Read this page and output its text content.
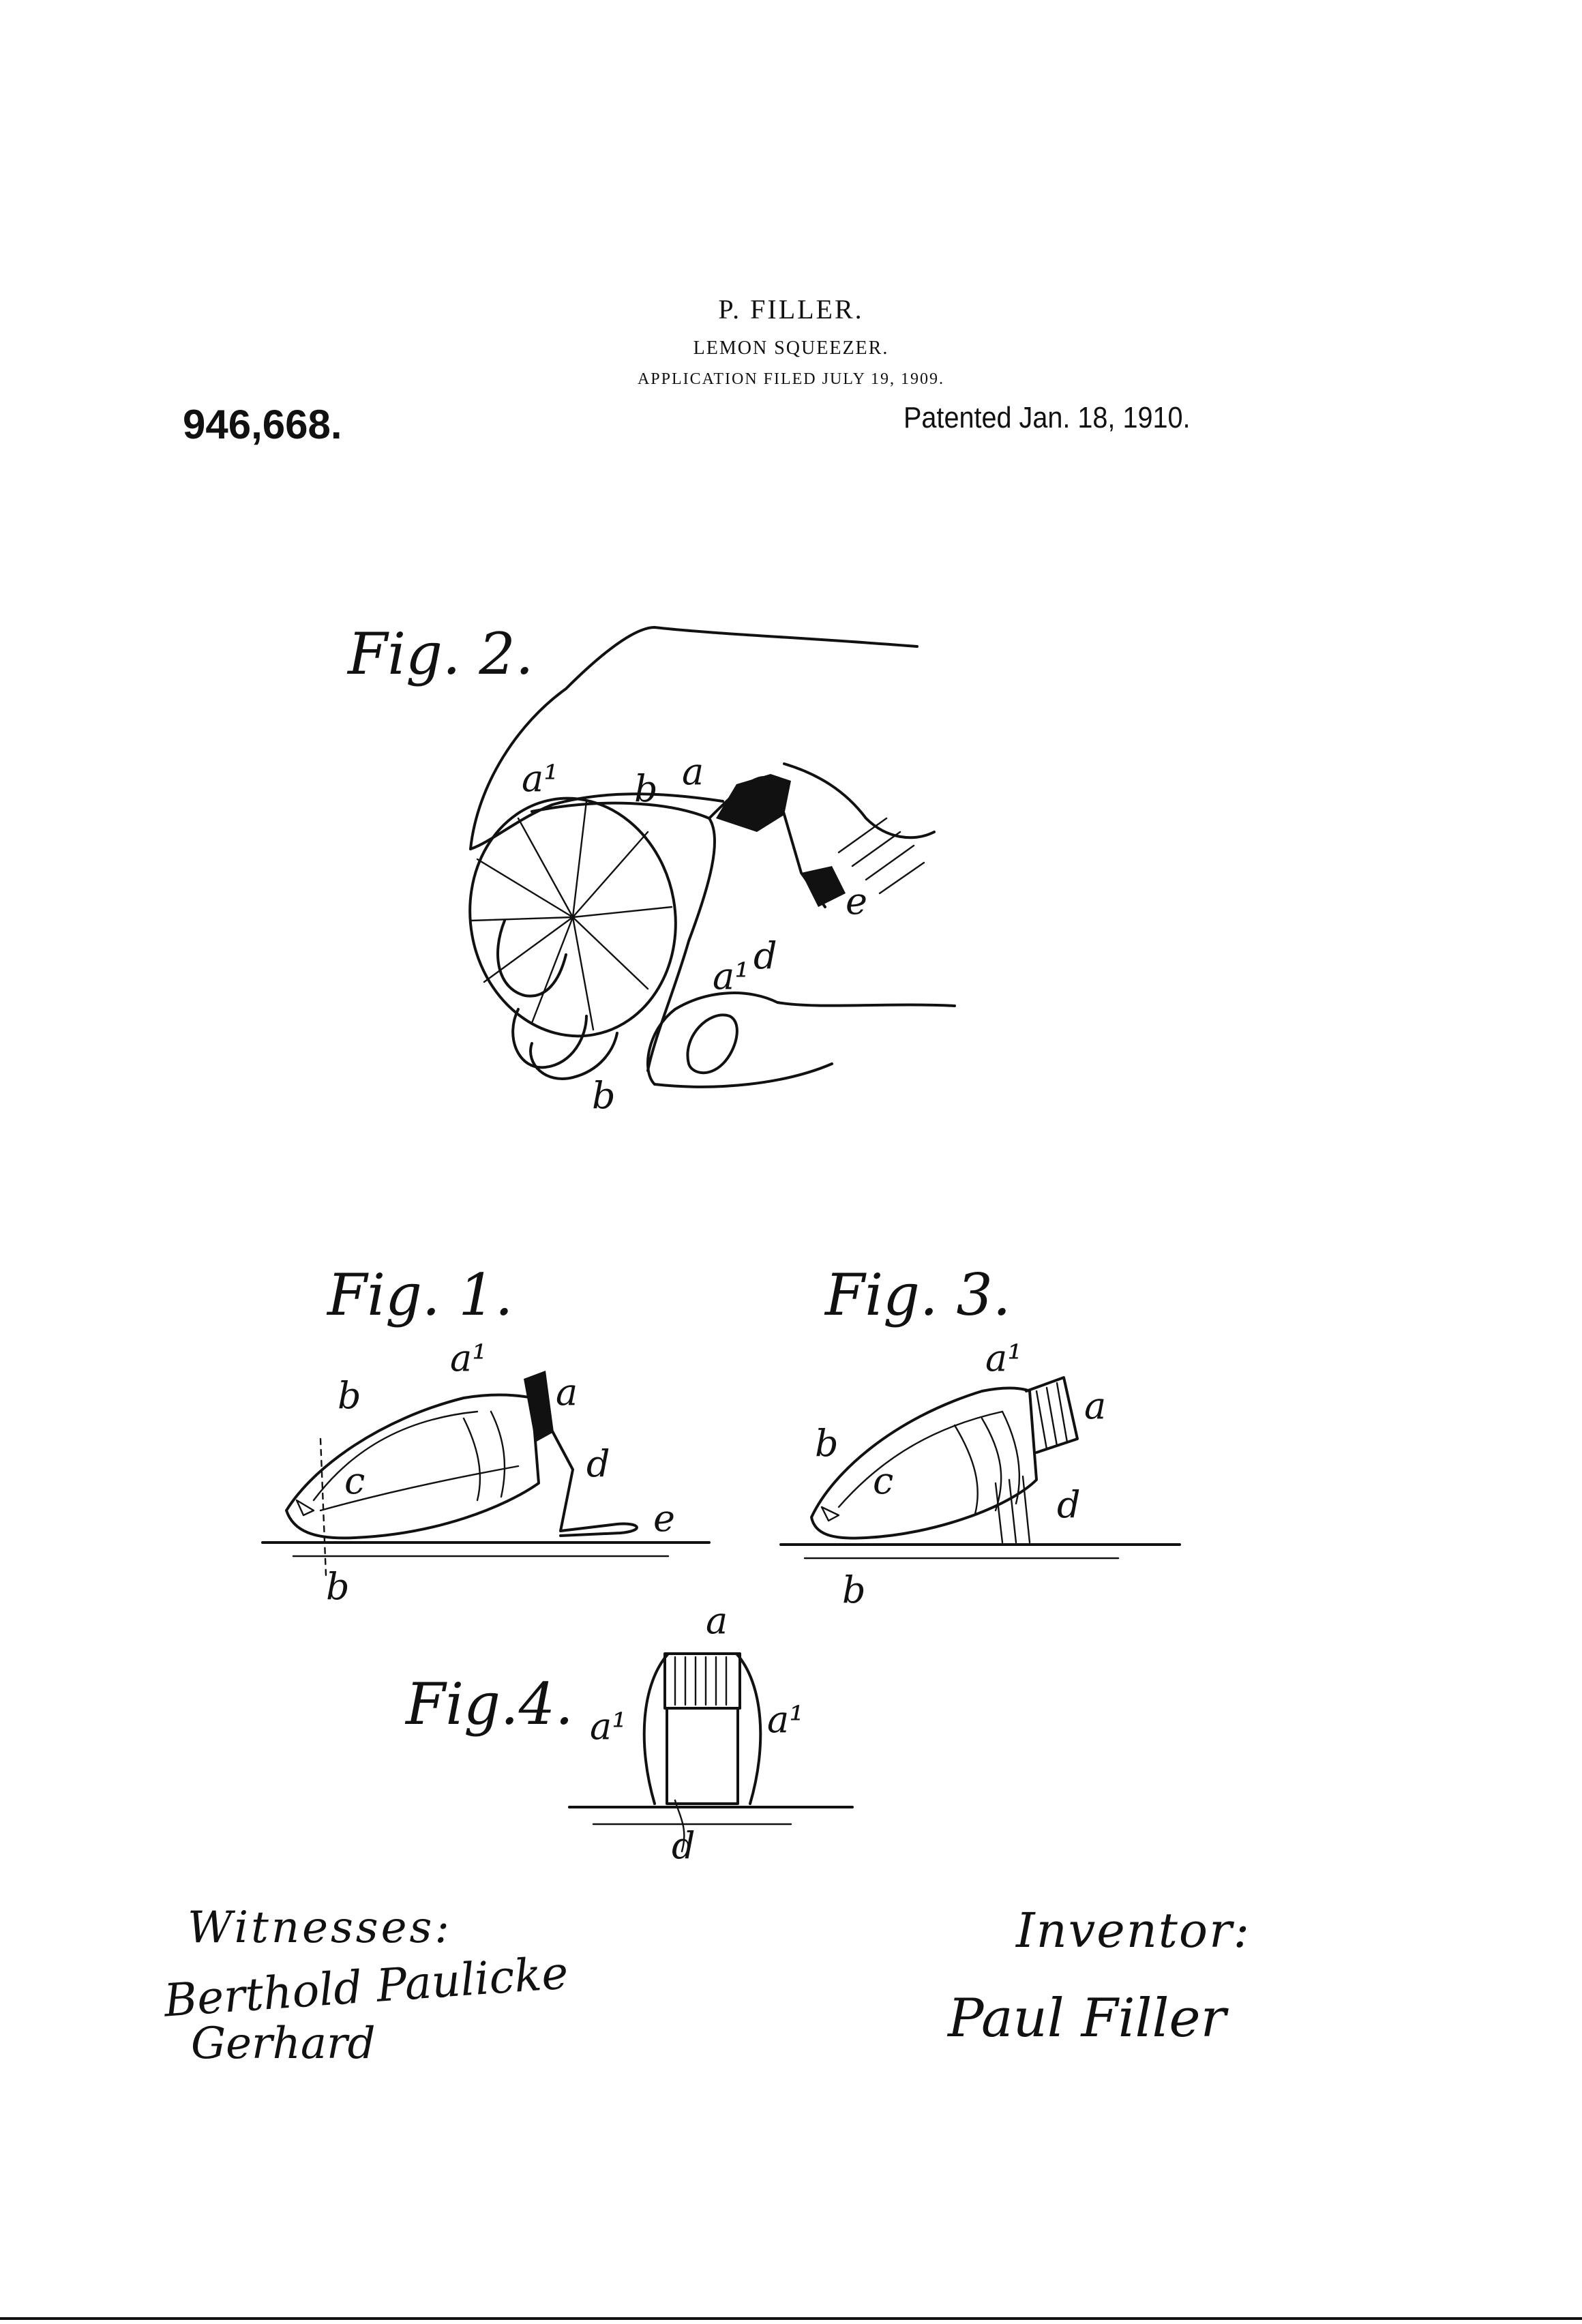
P. FILLER.
LEMON SQUEEZER.
APPLICATION FILED JULY 19, 1909.
946,668.	Patented Jan. 18, 1910.
Fig. 2.
Fig. 1.	Fig. 3.
Fig.4.
a¹ b a
e
d
a¹
b
b
a¹
a
c	d
e
b
b
a¹
a
c
d
b
a
a¹	a¹
d
Witnesses:
Berthold Paulicke
Gerhard
Inventor:
Paul Filler
